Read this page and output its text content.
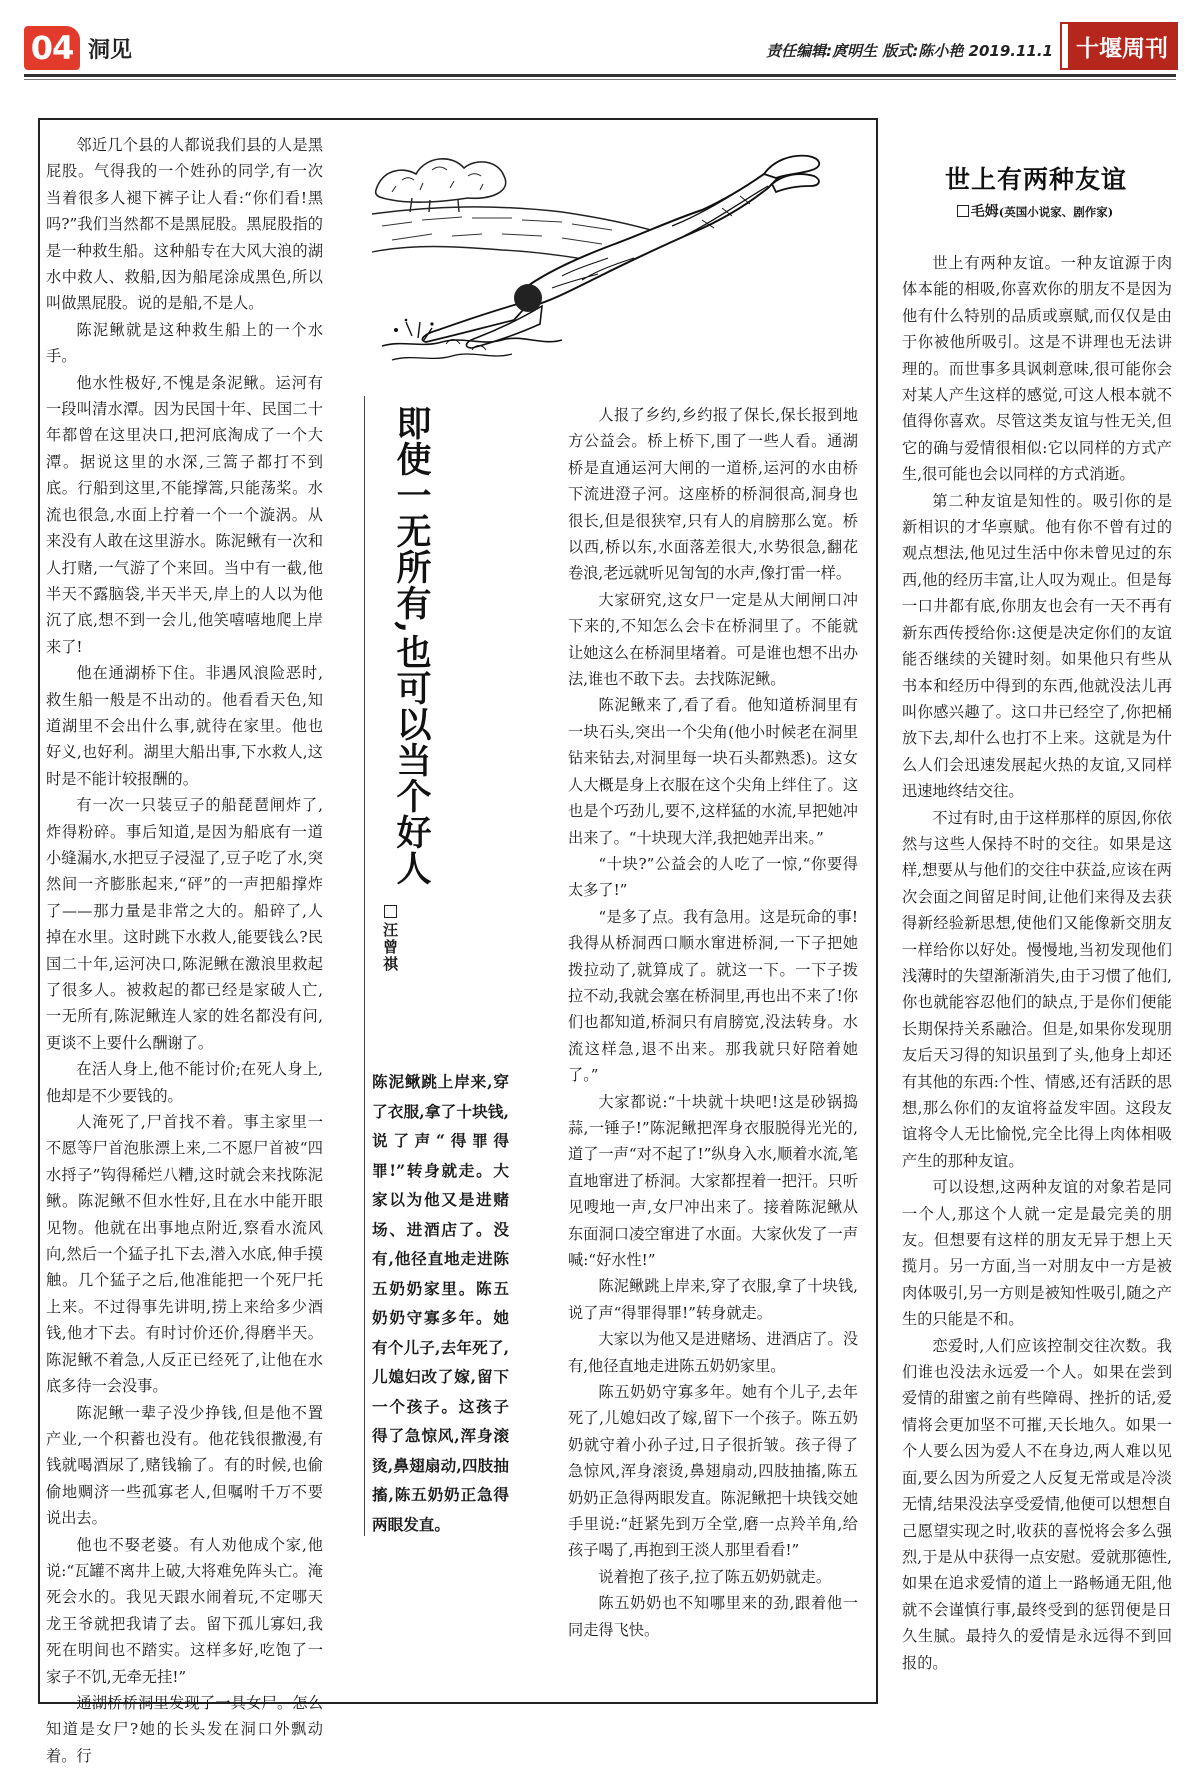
04 洞见	责任编辑:庹明生 版式:陈小艳 2019.11.1	十堰周刊

邻近几个县的人都说我们县的人是黑屁股。气得我的一个姓孙的同学,有一次当着很多人褪下裤子让人看:“你们看!黑吗?”我们当然都不是黑屁股。黑屁股指的是一种救生船。这种船专在大风大浪的湖水中救人、救船,因为船尾涂成黑色,所以叫做黑屁股。说的是船,不是人。

陈泥鳅就是这种救生船上的一个水手。

他水性极好,不愧是条泥鳅。运河有一段叫清水潭。因为民国十年、民国二十年都曾在这里决口,把河底淘成了一个大潭。据说这里的水深,三篙子都打不到底。行船到这里,不能撑篙,只能荡桨。水流也很急,水面上拧着一个一个漩涡。从来没有人敢在这里游水。陈泥鳅有一次和人打赌,一气游了个来回。当中有一截,他半天不露脑袋,半天半天,岸上的人以为他沉了底,想不到一会儿,他笑嘻嘻地爬上岸来了!

他在通湖桥下住。非遇风浪险恶时,救生船一般是不出动的。他看看天色,知道湖里不会出什么事,就待在家里。他也好义,也好利。湖里大船出事,下水救人,这时是不能计较报酬的。

有一次一只装豆子的船琵琶闸炸了,炸得粉碎。事后知道,是因为船底有一道小缝漏水,水把豆子浸湿了,豆子吃了水,突然间一齐膨胀起来,“砰”的一声把船撑炸了——那力量是非常之大的。船碎了,人掉在水里。这时跳下水救人,能要钱么?民国二十年,运河决口,陈泥鳅在激浪里救起了很多人。被救起的都已经是家破人亡,一无所有,陈泥鳅连人家的姓名都没有问,更谈不上要什么酬谢了。

在活人身上,他不能讨价;在死人身上,他却是不少要钱的。

人淹死了,尸首找不着。事主家里一不愿等尸首泡胀漂上来,二不愿尸首被“四水捋子”钩得稀烂八糟,这时就会来找陈泥鳅。陈泥鳅不但水性好,且在水中能开眼见物。他就在出事地点附近,察看水流风向,然后一个猛子扎下去,潜入水底,伸手摸触。几个猛子之后,他准能把一个死尸托上来。不过得事先讲明,捞上来给多少酒钱,他才下去。有时讨价还价,得磨半天。陈泥鳅不着急,人反正已经死了,让他在水底多待一会没事。

陈泥鳅一辈子没少挣钱,但是他不置产业,一个积蓄也没有。他花钱很撒漫,有钱就喝酒尿了,赌钱输了。有的时候,也偷偷地赒济一些孤寡老人,但嘱咐千万不要说出去。

他也不娶老婆。有人劝他成个家,他说:“瓦罐不离井上破,大将难免阵头亡。淹死会水的。我见天跟水闹着玩,不定哪天龙王爷就把我请了去。留下孤儿寡妇,我死在明间也不踏实。这样多好,吃饱了一家子不饥,无牵无挂!”

通湖桥桥洞里发现了一具女尸。怎么知道是女尸?她的长头发在洞口外飘动着。行

即使一无所有,也可以当个好人
汪曾祺
陈泥鳅跳上岸来,穿了衣服,拿了十块钱,说了声“得罪得罪!”转身就走。大家以为他又是进赌场、进酒店了。没有,他径直地走进陈五奶奶家里。陈五奶奶守寡多年。她有个儿子,去年死了,儿媳妇改了嫁,留下一个孩子。这孩子得了急惊风,浑身滚烫,鼻翅扇动,四肢抽搐,陈五奶奶正急得两眼发直。

人报了乡约,乡约报了保长,保长报到地方公益会。桥上桥下,围了一些人看。通湖桥是直通运河大闸的一道桥,运河的水由桥下流进澄子河。这座桥的桥洞很高,洞身也很长,但是很狭窄,只有人的肩膀那么宽。桥以西,桥以东,水面落差很大,水势很急,翻花卷浪,老远就听见訇訇的水声,像打雷一样。

大家研究,这女尸一定是从大闸闸口冲下来的,不知怎么会卡在桥洞里了。不能就让她这么在桥洞里堵着。可是谁也想不出办法,谁也不敢下去。去找陈泥鳅。

陈泥鳅来了,看了看。他知道桥洞里有一块石头,突出一个尖角(他小时候老在洞里钻来钻去,对洞里每一块石头都熟悉)。这女人大概是身上衣服在这个尖角上绊住了。这也是个巧劲儿,要不,这样猛的水流,早把她冲出来了。“十块现大洋,我把她弄出来。”

“十块?”公益会的人吃了一惊,“你要得太多了!”

“是多了点。我有急用。这是玩命的事!我得从桥洞西口顺水窜进桥洞,一下子把她拨拉动了,就算成了。就这一下。一下子拨拉不动,我就会塞在桥洞里,再也出不来了!你们也都知道,桥洞只有肩膀宽,没法转身。水流这样急,退不出来。那我就只好陪着她了。”

大家都说:“十块就十块吧!这是砂锅捣蒜,一锤子!”陈泥鳅把浑身衣服脱得光光的,道了一声“对不起了!”纵身入水,顺着水流,笔直地窜进了桥洞。大家都捏着一把汗。只听见嗖地一声,女尸冲出来了。接着陈泥鳅从东面洞口凌空窜进了水面。大家伙发了一声喊:“好水性!”

陈泥鳅跳上岸来,穿了衣服,拿了十块钱,说了声“得罪得罪!”转身就走。

大家以为他又是进赌场、进酒店了。没有,他径直地走进陈五奶奶家里。

陈五奶奶守寡多年。她有个儿子,去年死了,儿媳妇改了嫁,留下一个孩子。陈五奶奶就守着小孙子过,日子很折皱。孩子得了急惊风,浑身滚烫,鼻翅扇动,四肢抽搐,陈五奶奶正急得两眼发直。陈泥鳅把十块钱交她手里说:“赶紧先到万全堂,磨一点羚羊角,给孩子喝了,再抱到王淡人那里看看!”

说着抱了孩子,拉了陈五奶奶就走。

陈五奶奶也不知哪里来的劲,跟着他一同走得飞快。

世上有两种友谊
毛姆(英国小说家、剧作家)

世上有两种友谊。一种友谊源于肉体本能的相吸,你喜欢你的朋友不是因为他有什么特别的品质或禀赋,而仅仅是由于你被他所吸引。这是不讲理也无法讲理的。而世事多具讽刺意味,很可能你会对某人产生这样的感觉,可这人根本就不值得你喜欢。尽管这类友谊与性无关,但它的确与爱情很相似:它以同样的方式产生,很可能也会以同样的方式消逝。

第二种友谊是知性的。吸引你的是新相识的才华禀赋。他有你不曾有过的观点想法,他见过生活中你未曾见过的东西,他的经历丰富,让人叹为观止。但是每一口井都有底,你朋友也会有一天不再有新东西传授给你:这便是决定你们的友谊能否继续的关键时刻。如果他只有些从书本和经历中得到的东西,他就没法儿再叫你感兴趣了。这口井已经空了,你把桶放下去,却什么也打不上来。这就是为什么人们会迅速发展起火热的友谊,又同样迅速地终结交往。

不过有时,由于这样那样的原因,你依然与这些人保持不时的交往。如果是这样,想要从与他们的交往中获益,应该在两次会面之间留足时间,让他们来得及去获得新经验新思想,使他们又能像新交朋友一样给你以好处。慢慢地,当初发现他们浅薄时的失望渐渐消失,由于习惯了他们,你也就能容忍他们的缺点,于是你们便能长期保持关系融洽。但是,如果你发现朋友后天习得的知识虽到了头,他身上却还有其他的东西:个性、情感,还有活跃的思想,那么你们的友谊将益发牢固。这段友谊将令人无比愉悦,完全比得上肉体相吸产生的那种友谊。

可以设想,这两种友谊的对象若是同一个人,那这个人就一定是最完美的朋友。但想要有这样的朋友无异于想上天揽月。另一方面,当一对朋友中一方是被肉体吸引,另一方则是被知性吸引,随之产生的只能是不和。

恋爱时,人们应该控制交往次数。我们谁也没法永远爱一个人。如果在尝到爱情的甜蜜之前有些障碍、挫折的话,爱情将会更加坚不可摧,天长地久。如果一个人要么因为爱人不在身边,两人难以见面,要么因为所爱之人反复无常或是冷淡无情,结果没法享受爱情,他便可以想想自己愿望实现之时,收获的喜悦将会多么强烈,于是从中获得一点安慰。爱就那德性,如果在追求爱情的道上一路畅通无阻,他就不会谨慎行事,最终受到的惩罚便是日久生腻。最持久的爱情是永远得不到回报的。
